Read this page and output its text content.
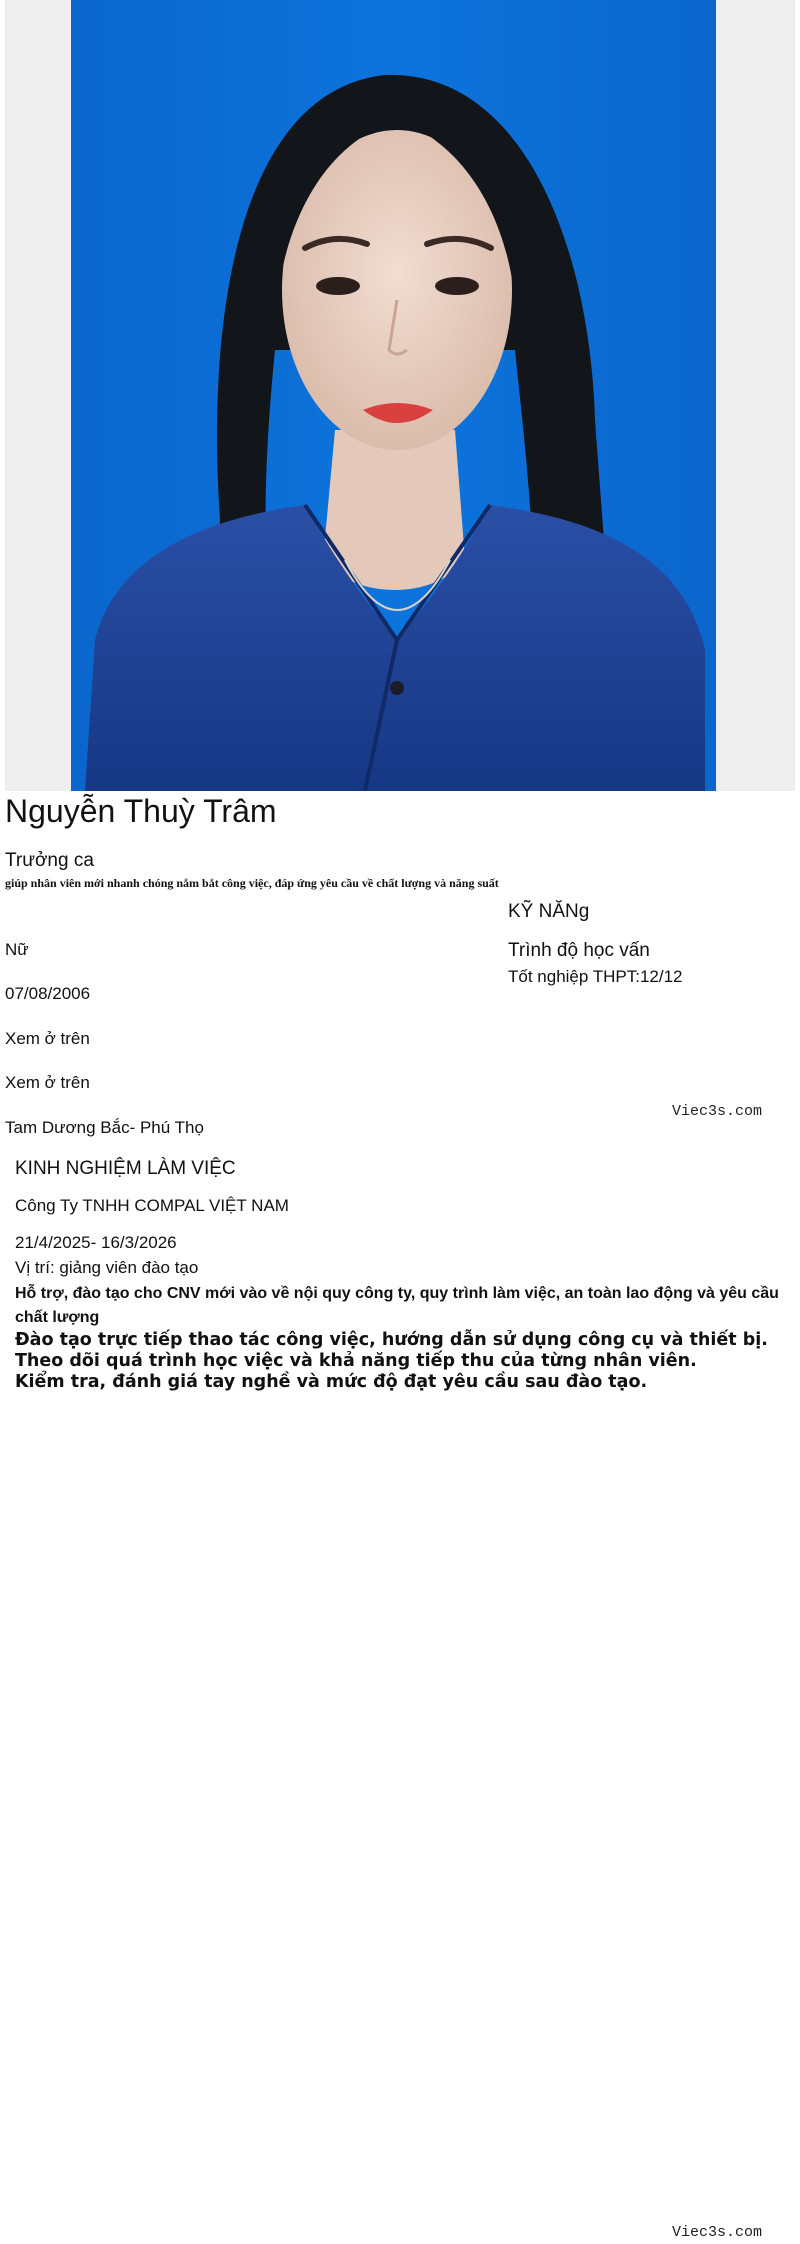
Nguyễn Thuỳ Trâm
Trưởng ca
giúp nhân viên mới nhanh chóng nắm bắt công việc, đáp ứng yêu cầu về chất lượng và năng suất
Nữ
07/08/2006
Xem ở trên
Xem ở trên
Tam Dương Bắc- Phú Thọ
KỸ NĂNg
Trình độ học vấn
Tốt nghiệp THPT:12/12
Viec3s.com
KINH NGHIỆM LÀM VIỆC
Công Ty TNHH COMPAL VIỆT NAM
21/4/2025- 16/3/2026
Vị trí: giảng viên đào tạo
Hỗ trợ, đào tạo cho CNV mới vào về nội quy công ty, quy trình làm việc, an toàn lao động và yêu cầu chất lượng
Đào tạo trực tiếp thao tác công việc, hướng dẫn sử dụng công cụ và thiết bị.
Theo dõi quá trình học việc và khả năng tiếp thu của từng nhân viên.
Kiểm tra, đánh giá tay nghề và mức độ đạt yêu cầu sau đào tạo.
Viec3s.com
